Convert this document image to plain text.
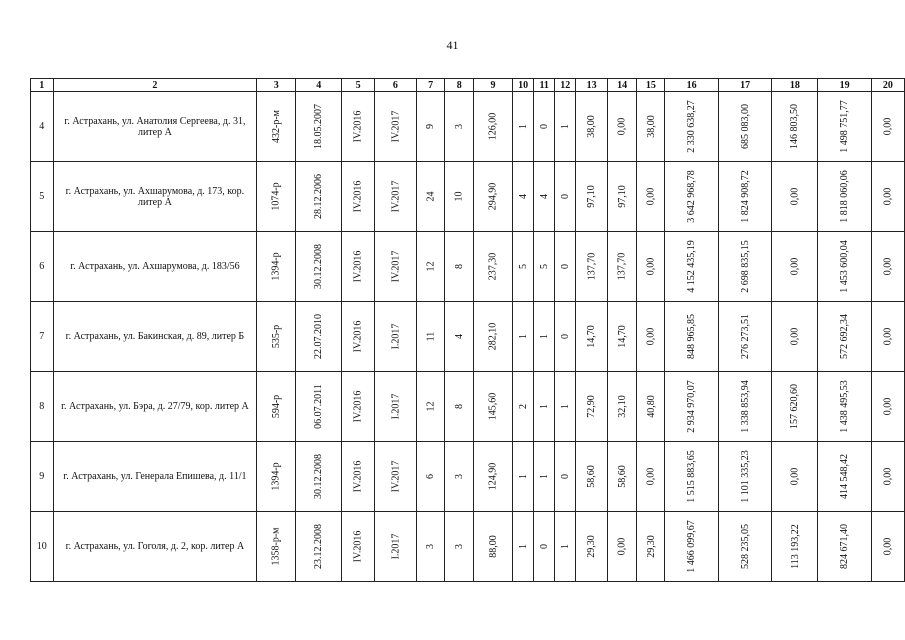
41
1	2	3	4	5	6	7	8	9	10	11	12	13	14	15	16	17	18	19	20
4	г. Астрахань, ул. Анатолия Сергеева, д. 31, литер А	432-р-м	18.05.2007	IV.2016	IV.2017	9	3	126,00	1	0	1	38,00	0,00	38,00	2 330 638,27	685 083,00	146 803,50	1 498 751,77	0,00
5	г. Астрахань, ул. Ахшарумова, д. 173, кор. литер А	1074-р	28.12.2006	IV.2016	IV.2017	24	10	294,90	4	4	0	97,10	97,10	0,00	3 642 968,78	1 824 908,72	0,00	1 818 060,06	0,00
6	г. Астрахань, ул. Ахшарумова, д. 183/56	1394-р	30.12.2008	IV.2016	IV.2017	12	8	237,30	5	5	0	137,70	137,70	0,00	4 152 435,19	2 698 835,15	0,00	1 453 600,04	0,00
7	г. Астрахань, ул. Бакинская, д. 89, литер Б	535-р	22.07.2010	IV.2016	I.2017	11	4	282,10	1	1	0	14,70	14,70	0,00	848 965,85	276 273,51	0,00	572 692,34	0,00
8	г. Астрахань, ул. Бэра, д. 27/79, кор. литер А	594-р	06.07.2011	IV.2016	I.2017	12	8	145,60	2	1	1	72,90	32,10	40,80	2 934 970,07	1 338 853,94	157 620,60	1 438 495,53	0,00
9	г. Астрахань, ул. Генерала Епишева, д. 11/1	1394-р	30.12.2008	IV.2016	IV.2017	6	3	124,90	1	1	0	58,60	58,60	0,00	1 515 883,65	1 101 335,23	0,00	414 548,42	0,00
10	г. Астрахань, ул. Гоголя, д. 2, кор. литер А	1358-р-м	23.12.2008	IV.2016	I.2017	3	3	88,00	1	0	1	29,30	0,00	29,30	1 466 099,67	528 235,05	113 193,22	824 671,40	0,00
